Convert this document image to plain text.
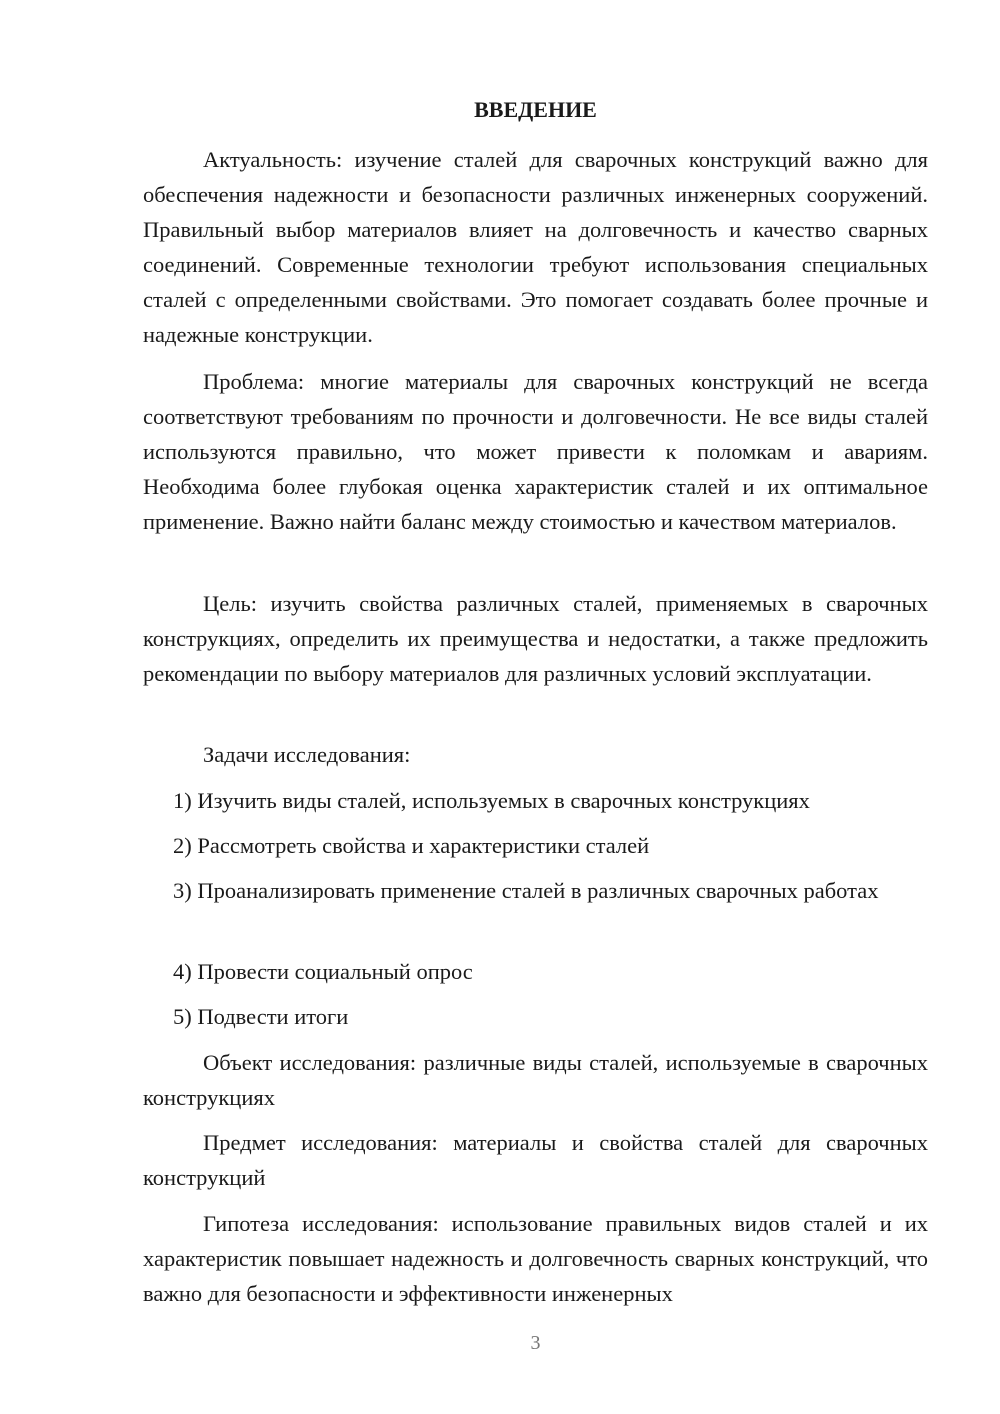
ВВЕДЕНИЕ

Актуальность: изучение сталей для сварочных конструкций важно для обеспечения надежности и безопасности различных инженерных сооружений. Правильный выбор материалов влияет на долговечность и качество сварных соединений. Современные технологии требуют использования специальных сталей с определенными свойствами. Это помогает создавать более прочные и надежные конструкции.

Проблема: многие материалы для сварочных конструкций не всегда соответствуют требованиям по прочности и долговечности. Не все виды сталей используются правильно, что может привести к поломкам и авариям. Необходима более глубокая оценка характеристик сталей и их оптимальное применение. Важно найти баланс между стоимостью и качеством материалов.

Цель: изучить свойства различных сталей, применяемых в сварочных конструкциях, определить их преимущества и недостатки, а также предложить рекомендации по выбору материалов для различных условий эксплуатации.

Задачи исследования:

1) Изучить виды сталей, используемых в сварочных конструкциях

2) Рассмотреть свойства и характеристики сталей

3) Проанализировать применение сталей в различных сварочных работах

4) Провести социальный опрос

5) Подвести итоги

Объект исследования: различные виды сталей, используемые в сварочных конструкциях

Предмет исследования: материалы и свойства сталей для сварочных конструкций

Гипотеза исследования: использование правильных видов сталей и их характеристик повышает надежность и долговечность сварных конструкций, что важно для безопасности и эффективности инженерных

3
